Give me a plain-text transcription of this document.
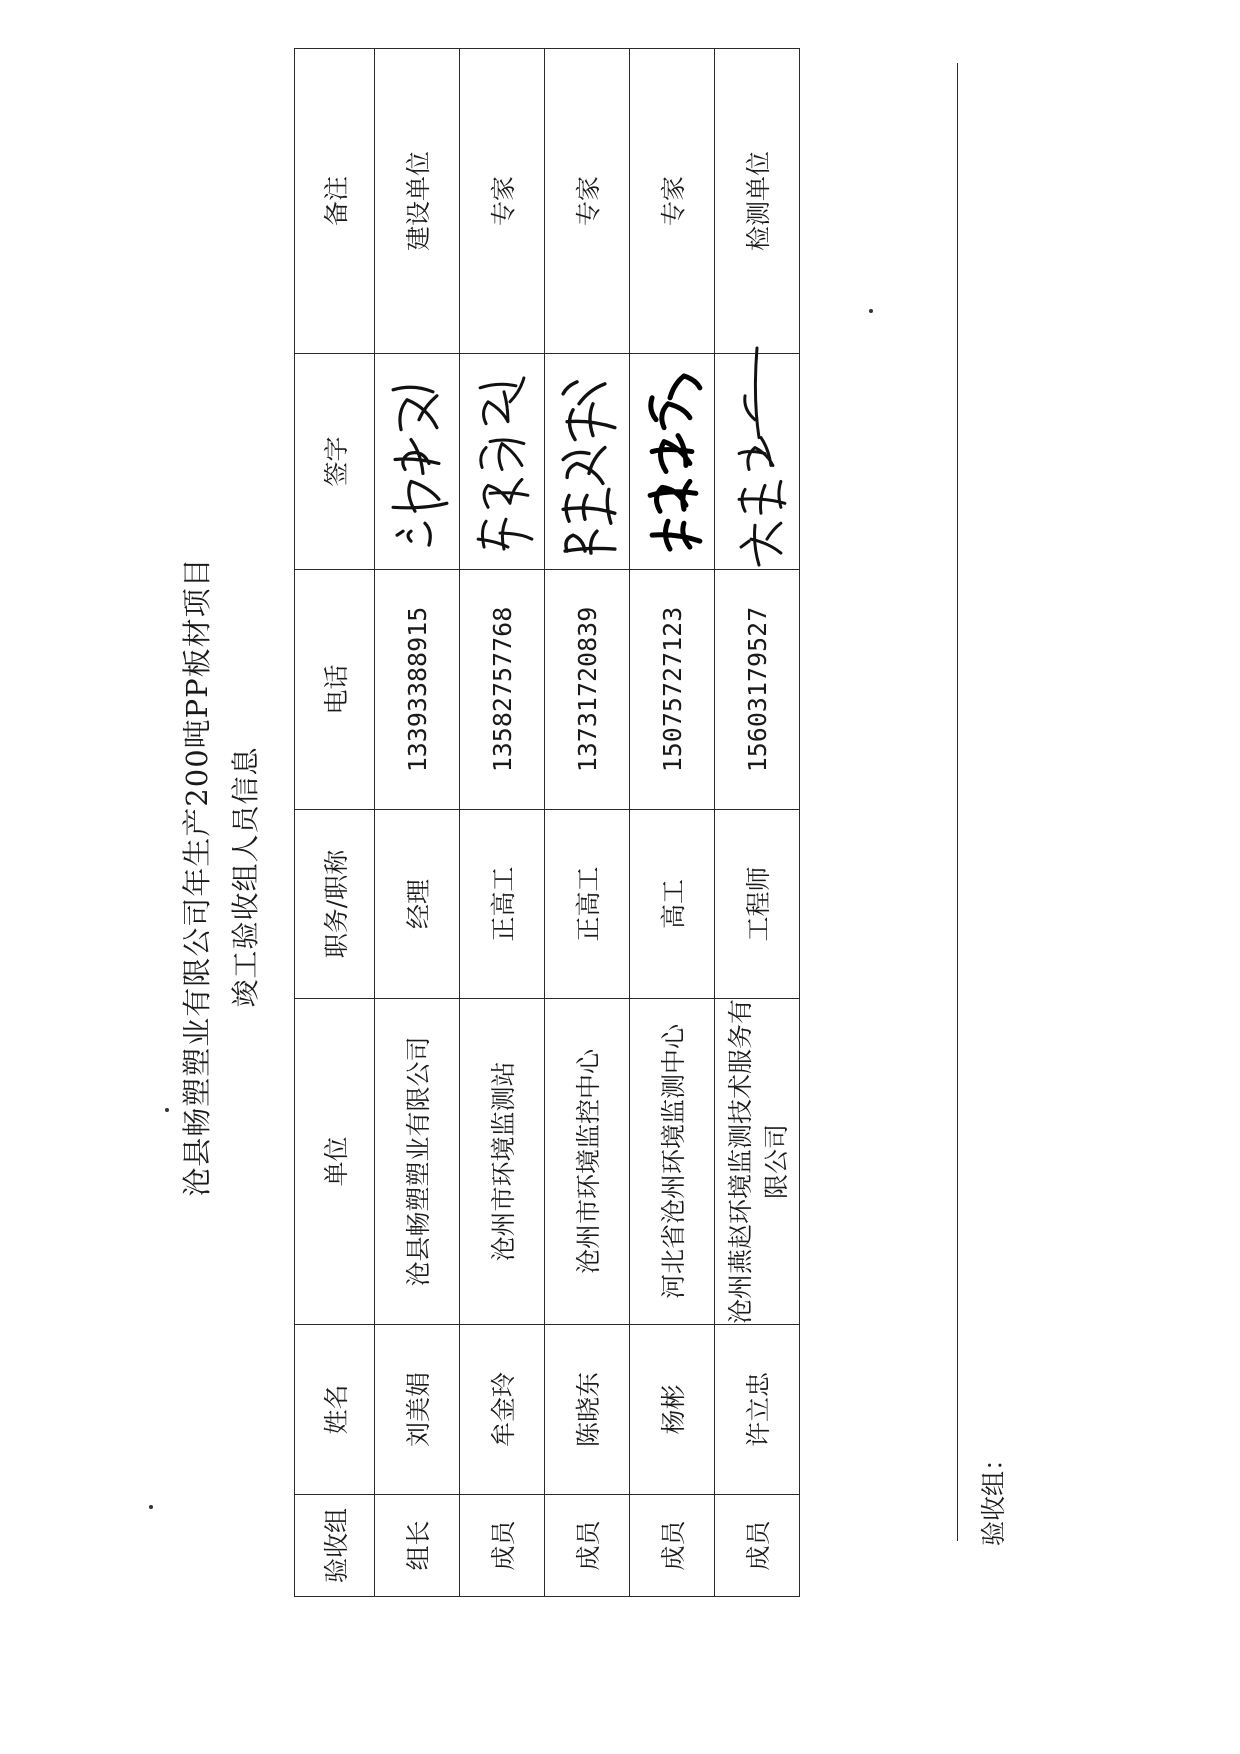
沧县畅塑塑业有限公司年生产200吨PP板材项目 竣工验收组人员信息
验收组	姓名	单位	职务/职称	电话	签字	备注
组长	刘美娟	沧县畅塑塑业有限公司	经理	13393388915		建设单位
成员	牟金玲	沧州市环境监测站	正高工	13582757768		专家
成员	陈晓东	沧州市环境监控中心	正高工	13731720839		专家
成员	杨彬	河北省沧州环境监测中心	高工	15075727123		专家
成员	许立忠	沧州燕赵环境监测技术服务有限公司	工程师	15603179527		检测单位

验收组：
